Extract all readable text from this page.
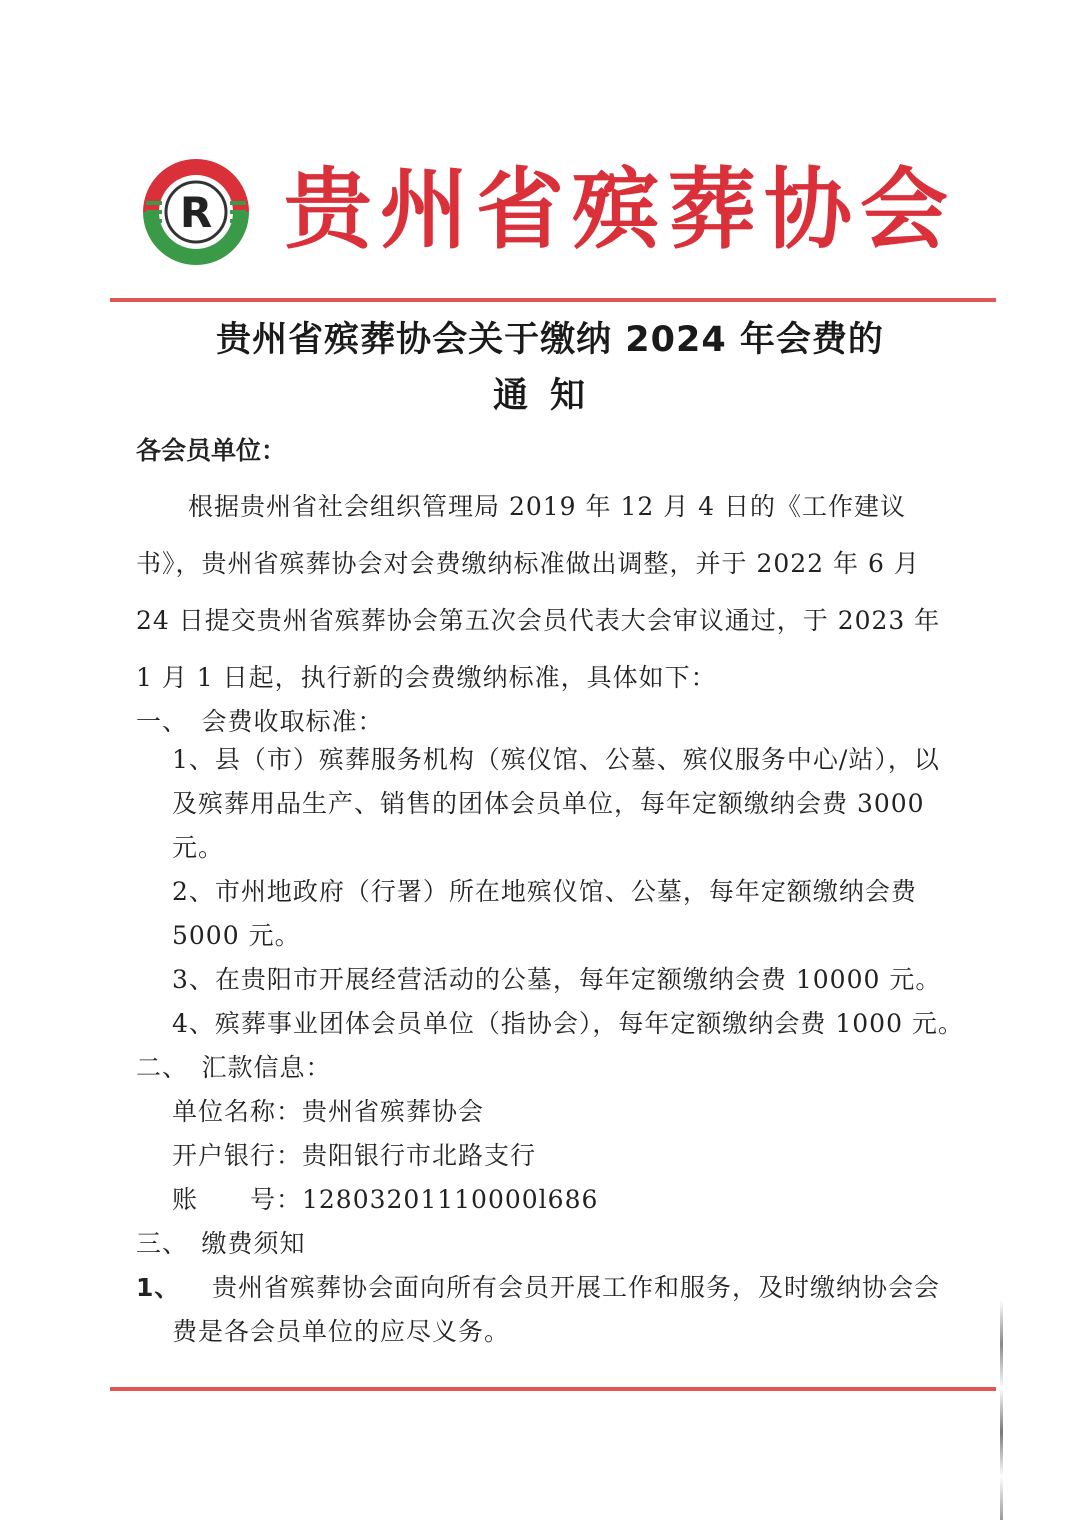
R 贵州省殡葬协会
贵州省殡葬协会关于缴纳 2024 年会费的
通知
各会员单位：
根据贵州省社会组织管理局 2019 年 12 月 4 日的《工作建议书》，贵州省殡葬协会对会费缴纳标准做出调整，并于 2022 年 6 月 24 日提交贵州省殡葬协会第五次会员代表大会审议通过，于 2023 年 1 月 1 日起，执行新的会费缴纳标准，具体如下：
一、　会费收取标准：
1、县（市）殡葬服务机构（殡仪馆、公墓、殡仪服务中心/站），以及殡葬用品生产、销售的团体会员单位，每年定额缴纳会费 3000 元。
2、市州地政府（行署）所在地殡仪馆、公墓，每年定额缴纳会费 5000 元。
3、在贵阳市开展经营活动的公墓，每年定额缴纳会费 10000 元。
4、殡葬事业团体会员单位（指协会），每年定额缴纳会费 1000 元。
二、　汇款信息：
单位名称：贵州省殡葬协会
开户银行：贵阳银行市北路支行
账　　号：12803201110000l686
三、　缴费须知
1、	贵州省殡葬协会面向所有会员开展工作和服务，及时缴纳协会会费是各会员单位的应尽义务。
